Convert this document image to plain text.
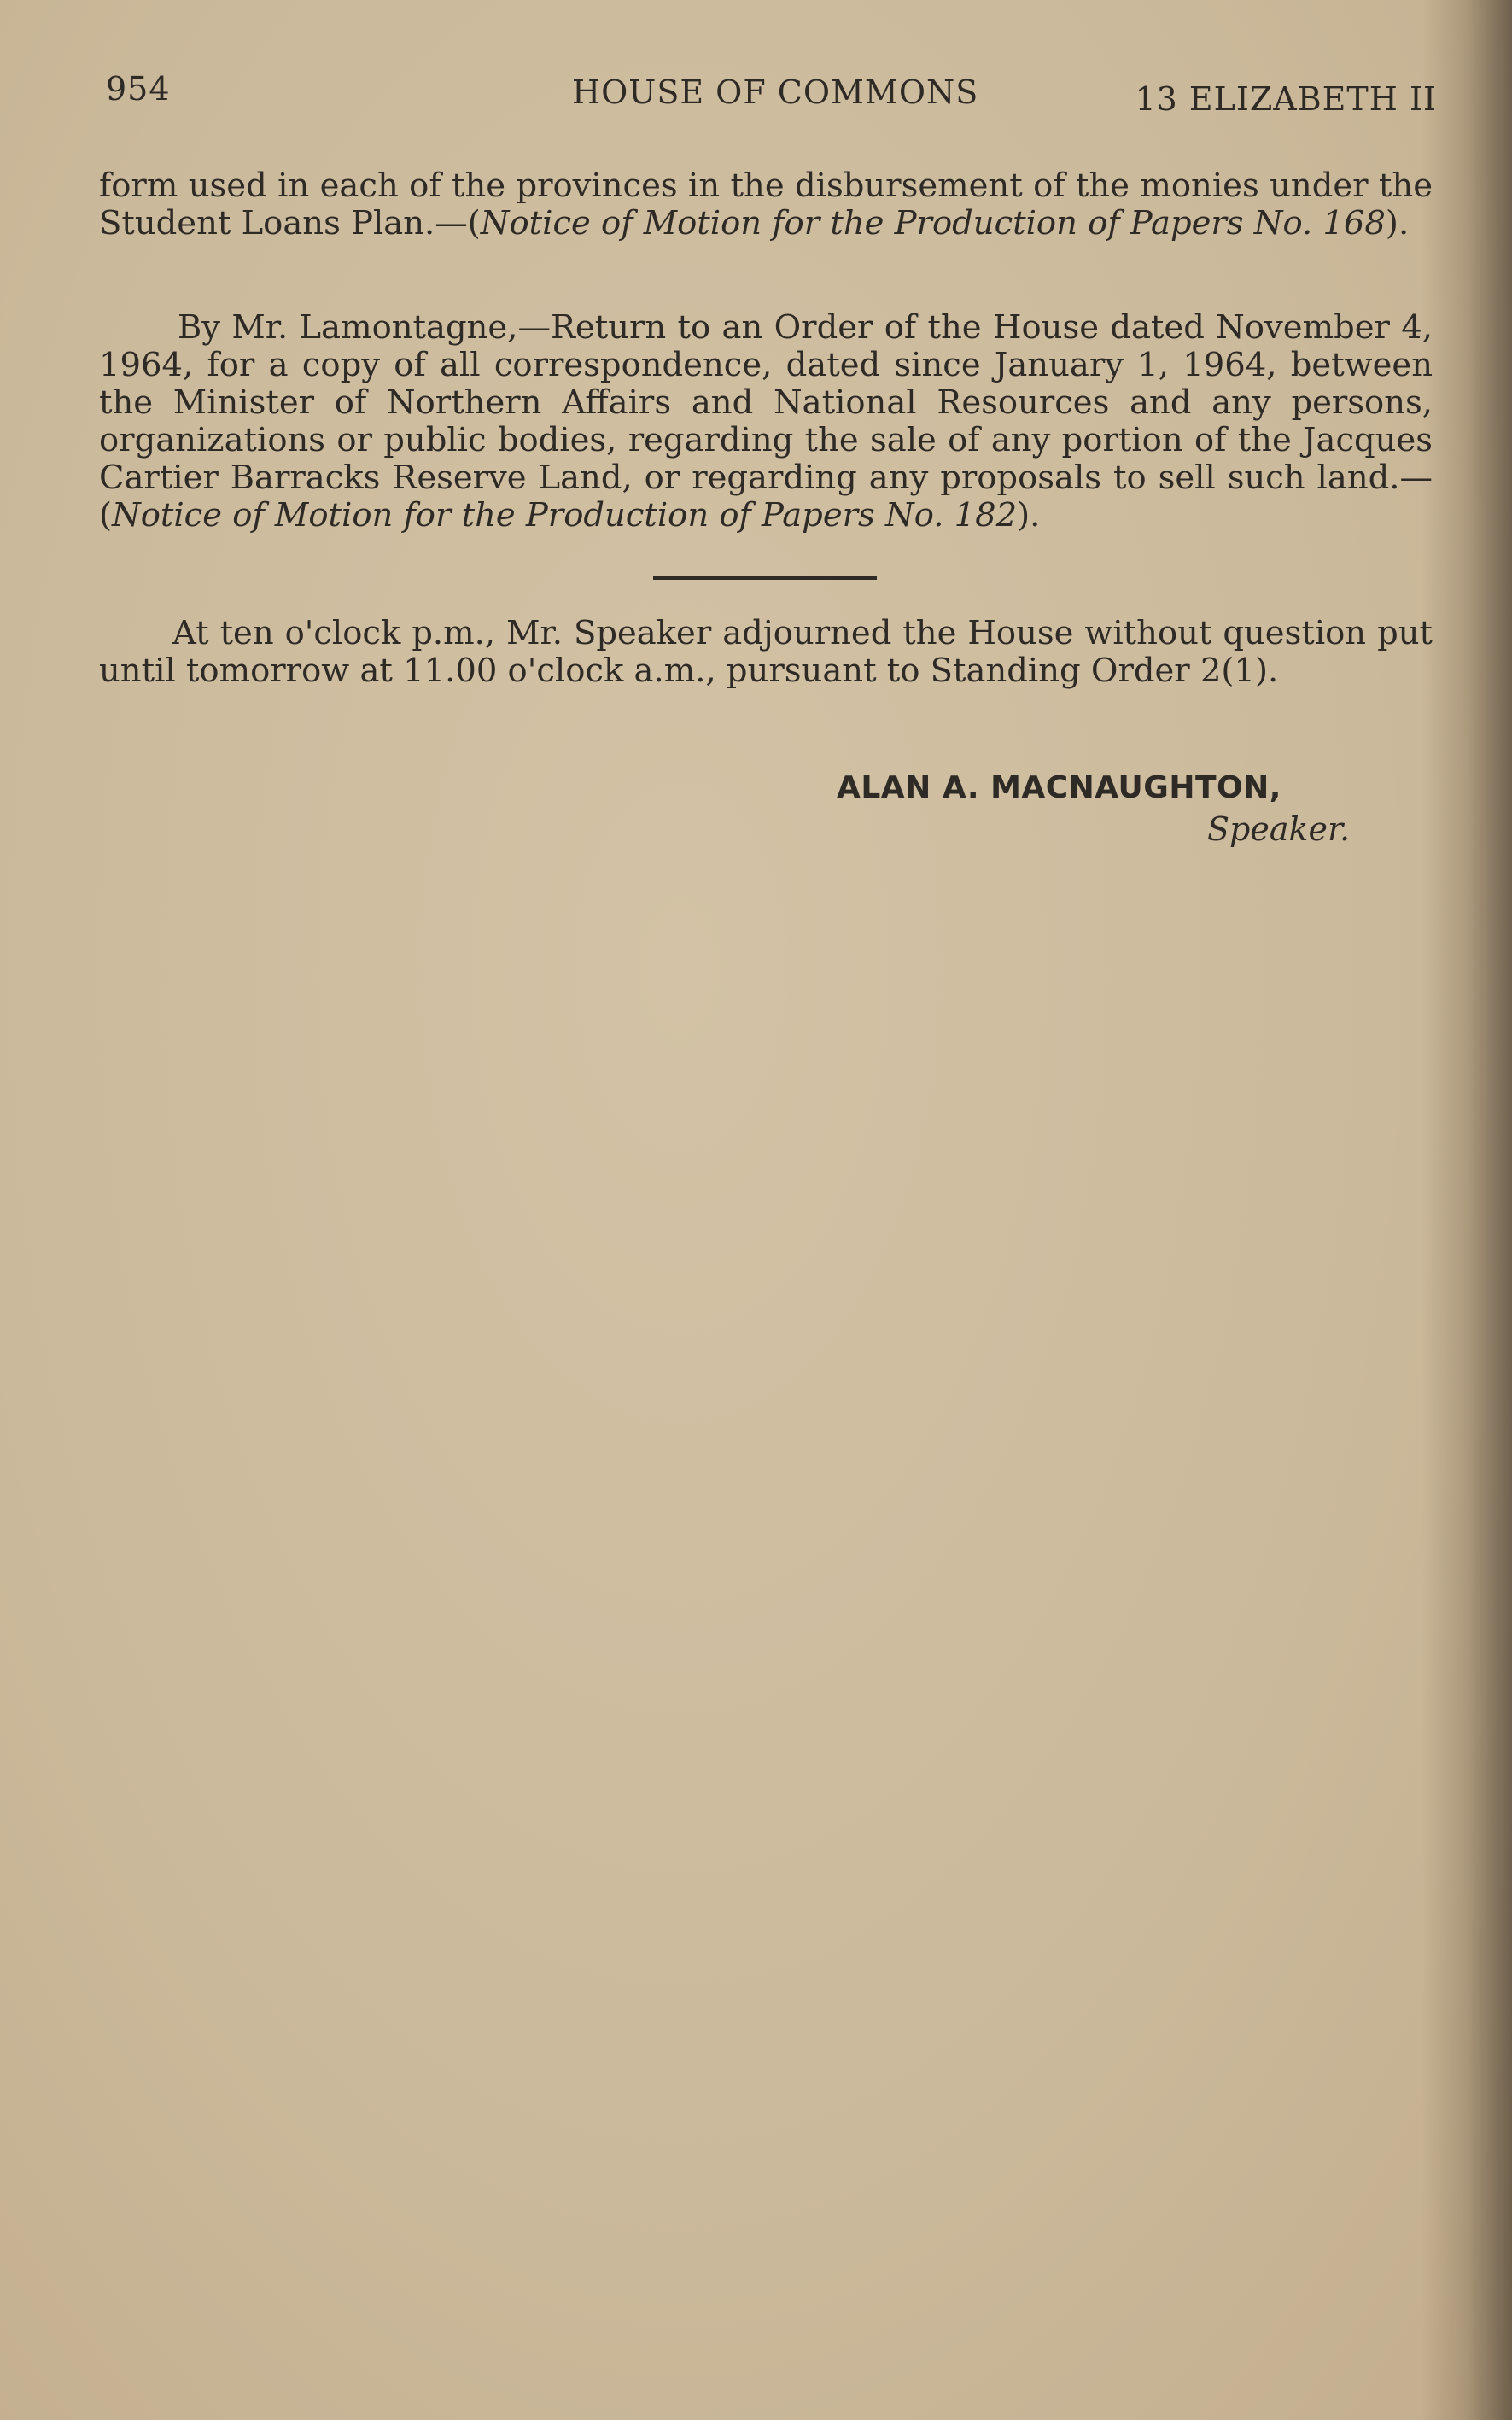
954	HOUSE OF COMMONS	13 ELIZABETH II
form used in each of the provinces in the disbursement of the monies under the Student Loans Plan.—(Notice of Motion for the Production of Papers No. 168).
By Mr. Lamontagne,—Return to an Order of the House dated November 4, 1964, for a copy of all correspondence, dated since January 1, 1964, between the Minister of Northern Affairs and National Resources and any persons, organizations or public bodies, regarding the sale of any portion of the Jacques Cartier Barracks Reserve Land, or regarding any proposals to sell such land.—(Notice of Motion for the Production of Papers No. 182).
At ten o'clock p.m., Mr. Speaker adjourned the House without question put until tomorrow at 11.00 o'clock a.m., pursuant to Standing Order 2(1).
ALAN A. MACNAUGHTON,
Speaker.
